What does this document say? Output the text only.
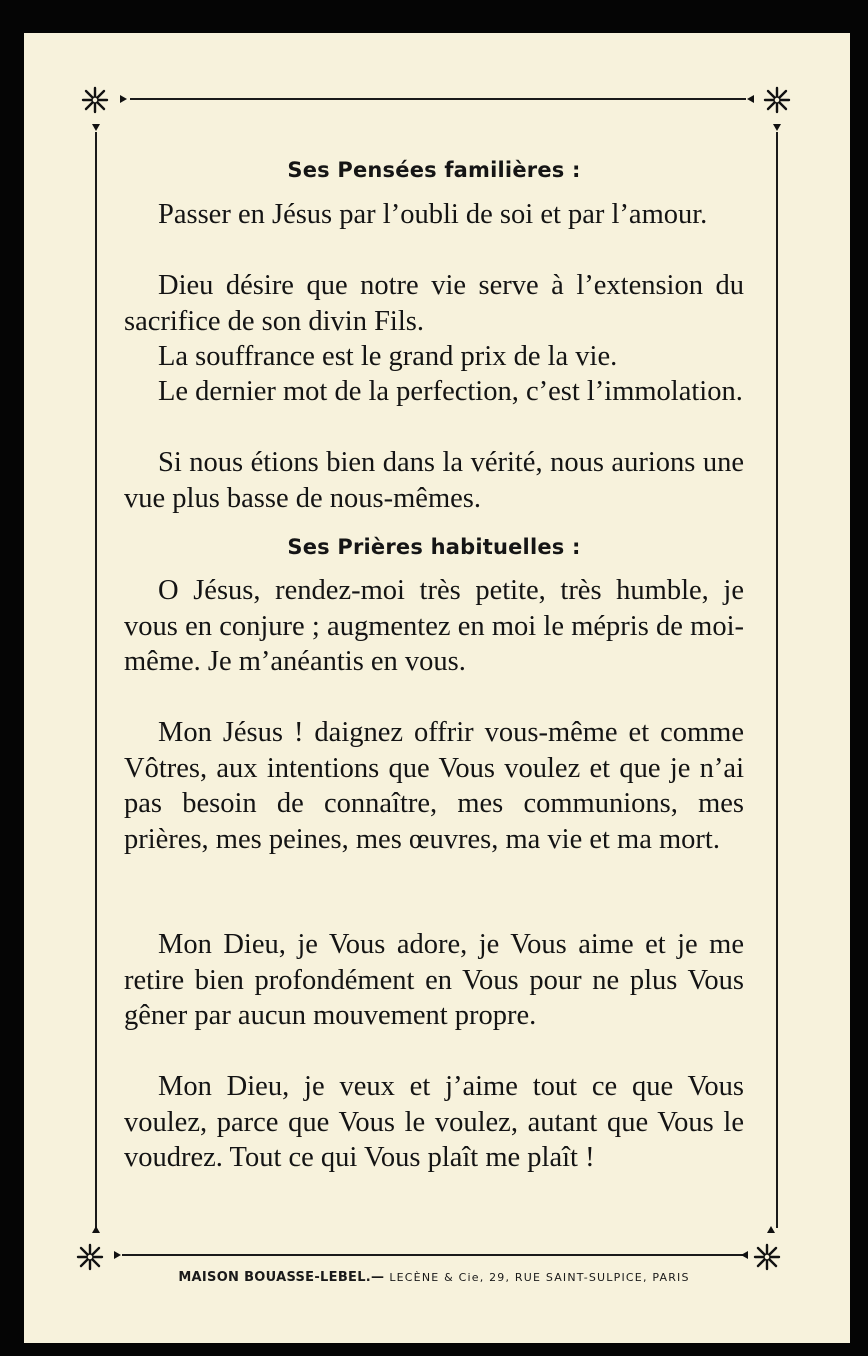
Ses Pensées familières :

Passer en Jésus par l’oubli de soi et par l’amour.

Dieu désire que notre vie serve à l’extension du sacrifice de son divin Fils.

La souffrance est le grand prix de la vie.

Le dernier mot de la perfection, c’est l’immolation.

Si nous étions bien dans la vérité, nous aurions une vue plus basse de nous-mêmes.

Ses Prières habituelles :

O Jésus, rendez-moi très petite, très humble, je vous en conjure ; augmentez en moi le mépris de moi-même. Je m’anéantis en vous.

Mon Jésus ! daignez offrir vous-même et comme Vôtres, aux intentions que Vous voulez et que je n’ai pas besoin de connaître, mes communions, mes prières, mes peines, mes œuvres, ma vie et ma mort.

Mon Dieu, je Vous adore, je Vous aime et je me retire bien profondément en Vous pour ne plus Vous gêner par aucun mouvement propre.

Mon Dieu, je veux et j’aime tout ce que Vous voulez, parce que Vous le voulez, autant que Vous le voudrez. Tout ce qui Vous plaît me plaît !

MAISON BOUASSE-LEBEL.— LECÈNE & Cie, 29, RUE SAINT-SULPICE, PARIS
